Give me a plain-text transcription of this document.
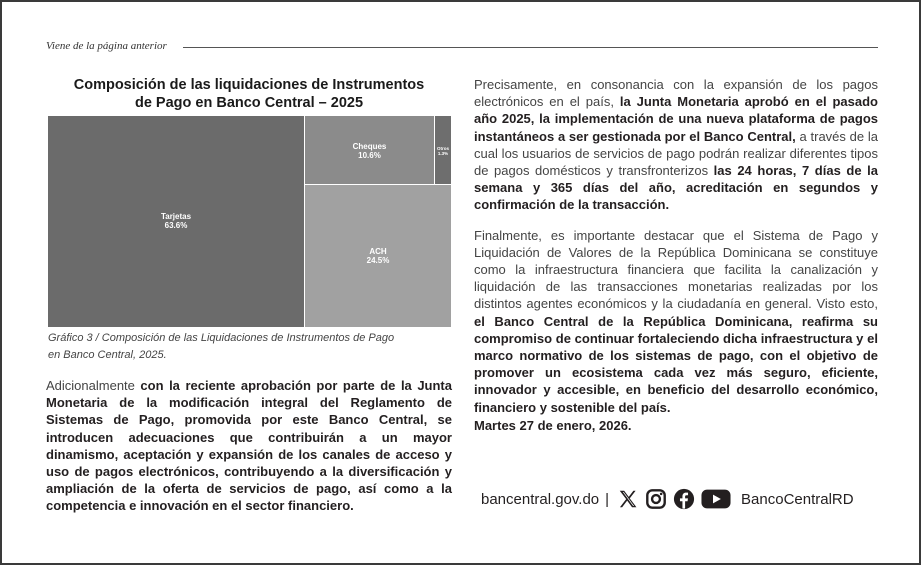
Viene de la página anterior
Composición de las liquidaciones de Instrumentos
de Pago en Banco Central – 2025
Tarjetas
63.6%
Cheques
10.6%
Otros
1.3%
ACH
24.5%
Gráfico 3 / Composición de las Liquidaciones de Instrumentos de Pago
en Banco Central, 2025.
Adicionalmente con la reciente aprobación por parte de la Junta Monetaria de la modificación integral del Reglamento de Sistemas de Pago, promovida por este Banco Central, se introducen adecuaciones que contribuirán a un mayor dinamismo, aceptación y expansión de los canales de acceso y uso de pagos electrónicos, contribuyendo a la diversificación y ampliación de la oferta de servicios de pago, así como a la competencia e innovación en el sector financiero.

Precisamente, en consonancia con la expansión de los pagos electrónicos en el país, la Junta Monetaria aprobó en el pasado año 2025, la implementación de una nueva plataforma de pagos instantáneos a ser gestionada por el Banco Central, a través de la cual los usuarios de servicios de pago podrán realizar diferentes tipos de pagos domésticos y transfronterizos las 24 horas, 7 días de la semana y 365 días del año, acreditación en segundos y confirmación de la transacción.

Finalmente, es importante destacar que el Sistema de Pago y Liquidación de Valores de la República Dominicana se constituye como la infraestructura financiera que facilita la canalización y liquidación de las transacciones monetarias realizadas por los distintos agentes económicos y la ciudadanía en general. Visto esto, el Banco Central de la República Dominicana, reafirma su compromiso de continuar fortaleciendo dicha infraestructura y el marco normativo de los sistemas de pago, con el objetivo de promover un ecosistema cada vez más seguro, eficiente, innovador y accesible, en beneficio del desarrollo económico, financiero y sostenible del país.

Martes 27 de enero, 2026.
bancentral.gov.do |	BancoCentralRD
